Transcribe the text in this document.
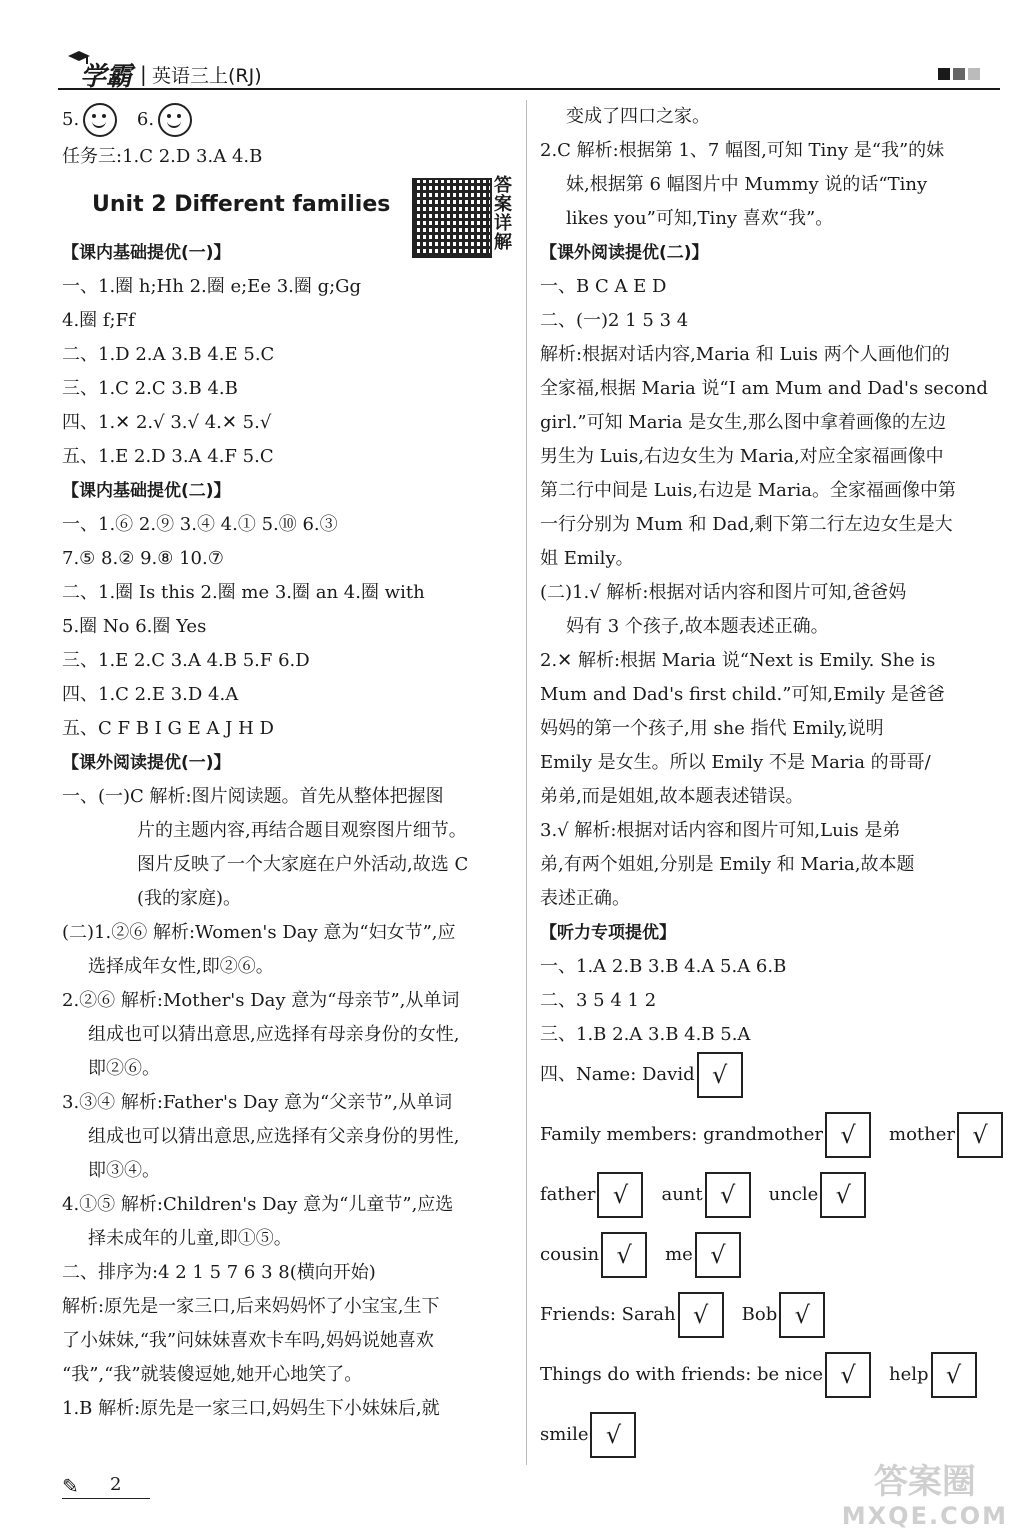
学霸 | 英语三上(RJ)
5.	6.
任务三:1.C 2.D 3.A 4.B
Unit 2 Different families
答案详解
【课内基础提优(一)】
一、1.圈 h;Hh 2.圈 e;Ee 3.圈 g;Gg
4.圈 f;Ff
二、1.D 2.A 3.B 4.E 5.C
三、1.C 2.C 3.B 4.B
四、1.✕ 2.√ 3.√ 4.✕ 5.√
五、1.E 2.D 3.A 4.F 5.C
【课内基础提优(二)】
一、1.⑥ 2.⑨ 3.④ 4.① 5.⑩ 6.③
7.⑤ 8.② 9.⑧ 10.⑦
二、1.圈 Is this 2.圈 me 3.圈 an 4.圈 with
5.圈 No 6.圈 Yes
三、1.E 2.C 3.A 4.B 5.F 6.D
四、1.C 2.E 3.D 4.A
五、C F B I G E A J H D
【课外阅读提优(一)】
一、(一)C 解析:图片阅读题。首先从整体把握图
片的主题内容,再结合题目观察图片细节。
图片反映了一个大家庭在户外活动,故选 C
(我的家庭)。
(二)1.②⑥ 解析:Women's Day 意为“妇女节”,应
选择成年女性,即②⑥。
2.②⑥ 解析:Mother's Day 意为“母亲节”,从单词
组成也可以猜出意思,应选择有母亲身份的女性,
即②⑥。
3.③④ 解析:Father's Day 意为“父亲节”,从单词
组成也可以猜出意思,应选择有父亲身份的男性,
即③④。
4.①⑤ 解析:Children's Day 意为“儿童节”,应选
择未成年的儿童,即①⑤。
二、排序为:4 2 1 5 7 6 3 8(横向开始)
解析:原先是一家三口,后来妈妈怀了小宝宝,生下
了小妹妹,“我”问妹妹喜欢卡车吗,妈妈说她喜欢
“我”,“我”就装傻逗她,她开心地笑了。
1.B 解析:原先是一家三口,妈妈生下小妹妹后,就
变成了四口之家。
2.C 解析:根据第 1、7 幅图,可知 Tiny 是“我”的妹
妹,根据第 6 幅图片中 Mummy 说的话“Tiny
likes you”可知,Tiny 喜欢“我”。
【课外阅读提优(二)】
一、B C A E D
二、(一)2 1 5 3 4
解析:根据对话内容,Maria 和 Luis 两个人画他们的
全家福,根据 Maria 说“I am Mum and Dad's second
girl.”可知 Maria 是女生,那么图中拿着画像的左边
男生为 Luis,右边女生为 Maria,对应全家福画像中
第二行中间是 Luis,右边是 Maria。全家福画像中第
一行分别为 Mum 和 Dad,剩下第二行左边女生是大
姐 Emily。
(二)1.√ 解析:根据对话内容和图片可知,爸爸妈
妈有 3 个孩子,故本题表述正确。
2.✕ 解析:根据 Maria 说“Next is Emily. She is
Mum and Dad's first child.”可知,Emily 是爸爸
妈妈的第一个孩子,用 she 指代 Emily,说明
Emily 是女生。所以 Emily 不是 Maria 的哥哥/
弟弟,而是姐姐,故本题表述错误。
3.√ 解析:根据对话内容和图片可知,Luis 是弟
弟,有两个姐姐,分别是 Emily 和 Maria,故本题
表述正确。
【听力专项提优】
一、1.A 2.B 3.B 4.A 5.A 6.B
二、3 5 4 1 2
三、1.B 2.A 3.B 4.B 5.A
四、Name: David √
Family members: grandmother √ mother √
father √ aunt √ uncle √
cousin √ me √
Friends: Sarah √ Bob √
Things do with friends: be nice √ help √
smile √
✎ 2	答案圈
MXQE.COM
